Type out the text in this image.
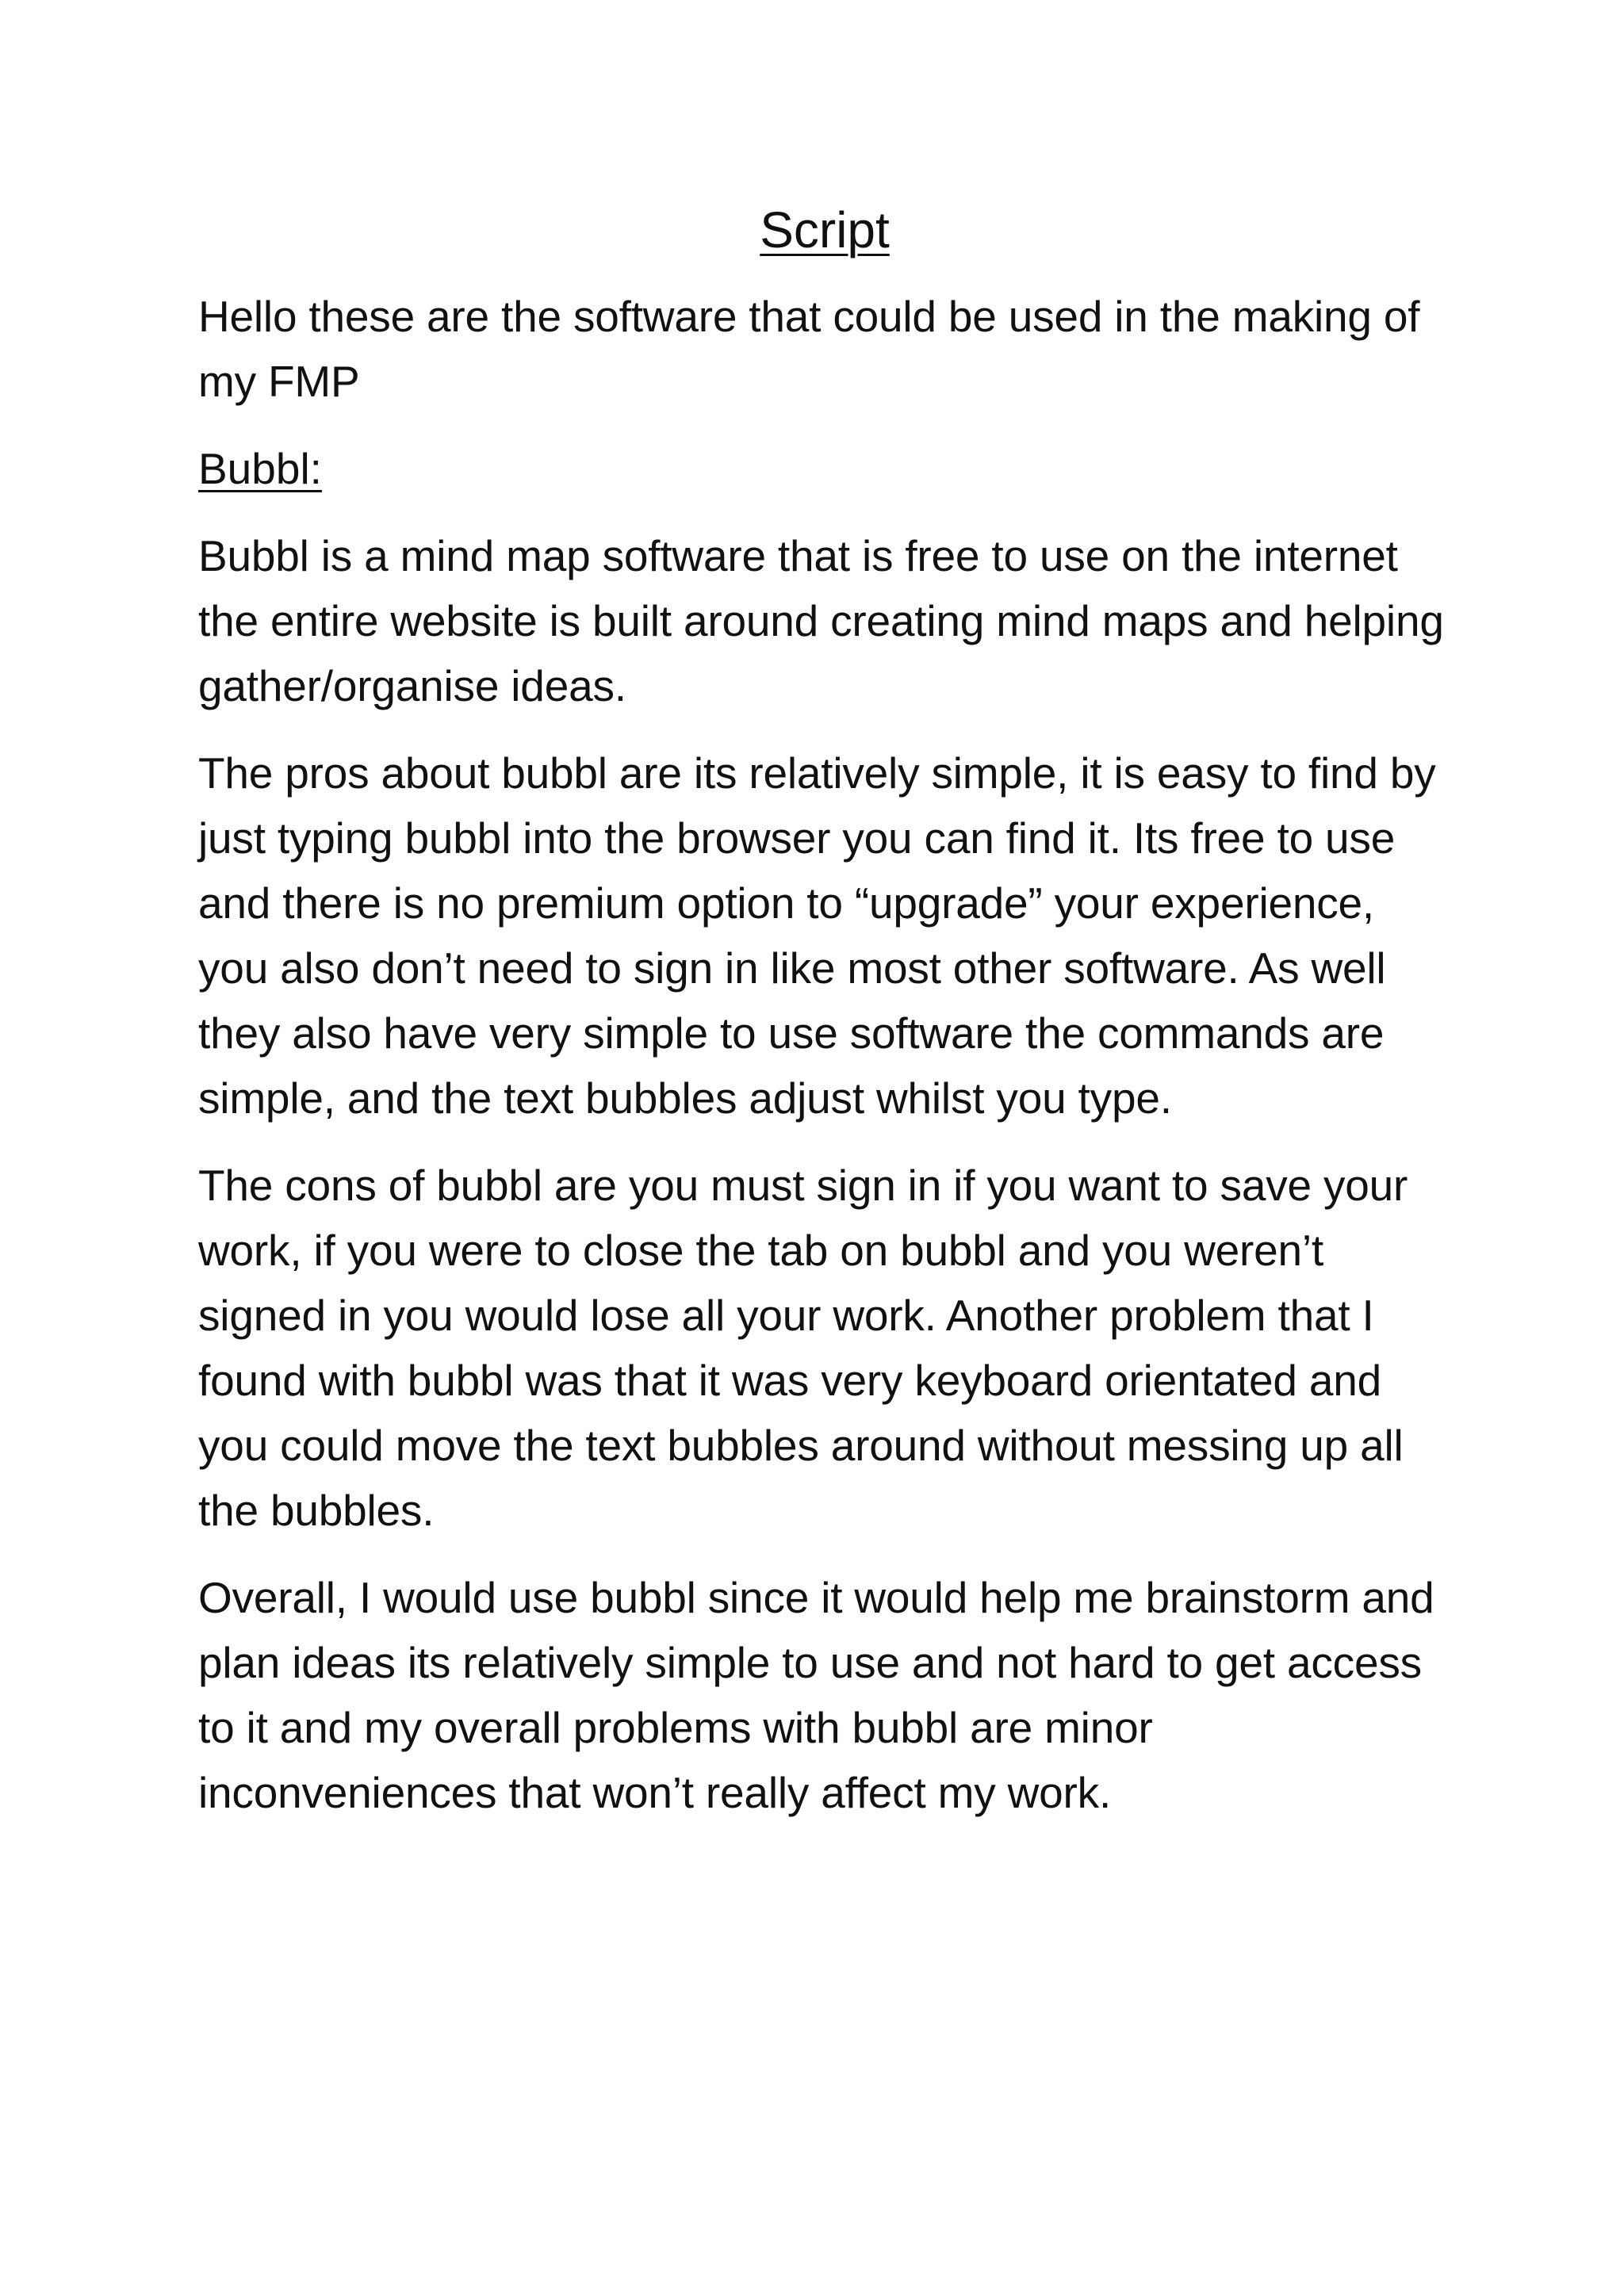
Script

Hello these are the software that could be used in the making of my FMP

Bubbl:

Bubbl is a mind map software that is free to use on the internet the entire website is built around creating mind maps and helping gather/organise ideas.

The pros about bubbl are its relatively simple, it is easy to find by just typing bubbl into the browser you can find it. Its free to use and there is no premium option to “upgrade” your experience, you also don’t need to sign in like most other software. As well they also have very simple to use software the commands are simple, and the text bubbles adjust whilst you type.

The cons of bubbl are you must sign in if you want to save your work, if you were to close the tab on bubbl and you weren’t signed in you would lose all your work. Another problem that I found with bubbl was that it was very keyboard orientated and you could move the text bubbles around without messing up all the bubbles.

Overall, I would use bubbl since it would help me brainstorm and plan ideas its relatively simple to use and not hard to get access to it and my overall problems with bubbl are minor inconveniences that won’t really affect my work.
